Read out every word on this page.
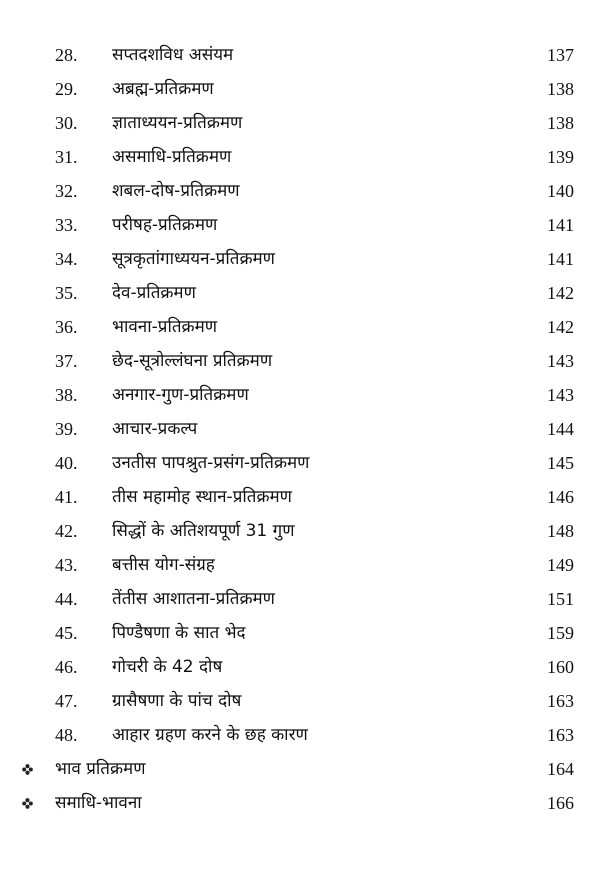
28. सप्तदशविध असंयम	137
29. अब्रह्म-प्रतिक्रमण	138
30. ज्ञाताध्ययन-प्रतिक्रमण	138
31. असमाधि-प्रतिक्रमण	139
32. शबल-दोष-प्रतिक्रमण	140
33. परीषह-प्रतिक्रमण	141
34. सूत्रकृतांगाध्ययन-प्रतिक्रमण	141
35. देव-प्रतिक्रमण	142
36. भावना-प्रतिक्रमण	142
37. छेद-सूत्रोल्लंघना प्रतिक्रमण	143
38. अनगार-गुण-प्रतिक्रमण	143
39. आचार-प्रकल्प	144
40. उनतीस पापश्रुत-प्रसंग-प्रतिक्रमण	145
41. तीस महामोह स्थान-प्रतिक्रमण	146
42. सिद्धों के अतिशयपूर्ण 31 गुण	148
43. बत्तीस योग-संग्रह	149
44. तेंतीस आशातना-प्रतिक्रमण	151
45. पिण्डैषणा के सात भेद	159
46. गोचरी के 42 दोष	160
47. ग्रासैषणा के पांच दोष	163
48. आहार ग्रहण करने के छह कारण	163
भाव प्रतिक्रमण	164
समाधि-भावना	166
